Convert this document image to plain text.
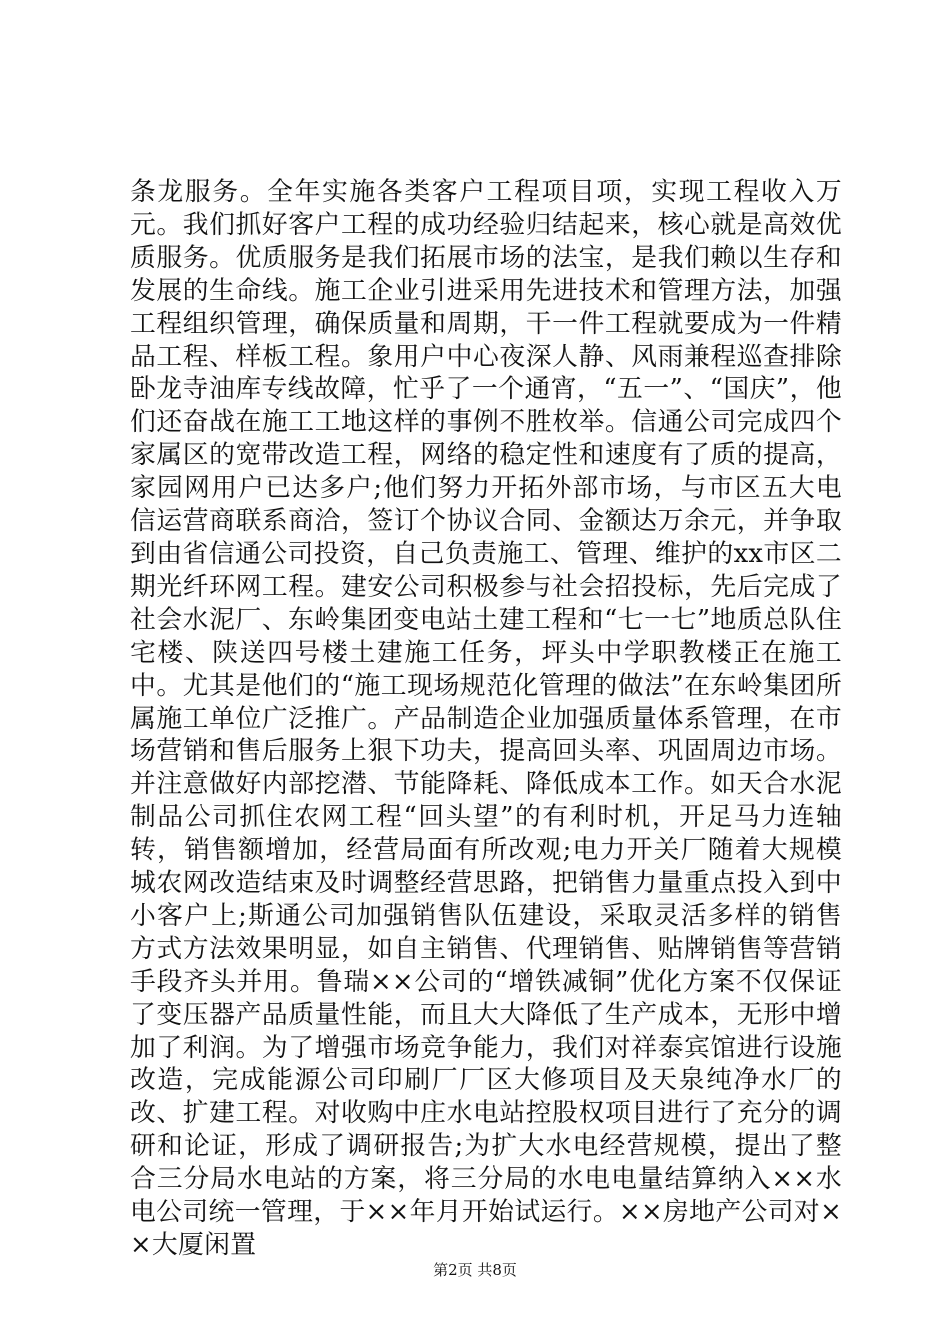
条龙服务。全年实施各类客户工程项目项，实现工程收入万元。我们抓好客户工程的成功经验归结起来，核心就是高效优质服务。优质服务是我们拓展市场的法宝，是我们赖以生存和发展的生命线。施工企业引进采用先进技术和管理方法，加强工程组织管理，确保质量和周期，干一件工程就要成为一件精品工程、样板工程。象用户中心夜深人静、风雨兼程巡查排除卧龙寺油库专线故障，忙乎了一个通宵，“五一”、“国庆”，他们还奋战在施工工地这样的事例不胜枚举。信通公司完成四个家属区的宽带改造工程，网络的稳定性和速度有了质的提高，家园网用户已达多户;他们努力开拓外部市场，与市区五大电信运营商联系商洽，签订个协议合同、金额达万余元，并争取到由省信通公司投资，自己负责施工、管理、维护的xx市区二期光纤环网工程。建安公司积极参与社会招投标，先后完成了社会水泥厂、东岭集团变电站土建工程和“七一七”地质总队住宅楼、陕送四号楼土建施工任务，坪头中学职教楼正在施工中。尤其是他们的“施工现场规范化管理的做法”在东岭集团所属施工单位广泛推广。产品制造企业加强质量体系管理，在市场营销和售后服务上狠下功夫，提高回头率、巩固周边市场。并注意做好内部挖潜、节能降耗、降低成本工作。如天合水泥制品公司抓住农网工程“回头望”的有利时机，开足马力连轴转，销售额增加，经营局面有所改观;电力开关厂随着大规模城农网改造结束及时调整经营思路，把销售力量重点投入到中小客户上;斯通公司加强销售队伍建设，采取灵活多样的销售方式方法效果明显，如自主销售、代理销售、贴牌销售等营销手段齐头并用。鲁瑞××公司的“增铁减铜”优化方案不仅保证了变压器产品质量性能，而且大大降低了生产成本，无形中增加了利润。为了增强市场竞争能力，我们对祥泰宾馆进行设施改造，完成能源公司印刷厂厂区大修项目及天泉纯净水厂的改、扩建工程。对收购中庄水电站控股权项目进行了充分的调研和论证，形成了调研报告;为扩大水电经营规模，提出了整合三分局水电站的方案，将三分局的水电电量结算纳入××水电公司统一管理，于××年月开始试运行。××房地产公司对××大厦闲置

第2页 共8页
